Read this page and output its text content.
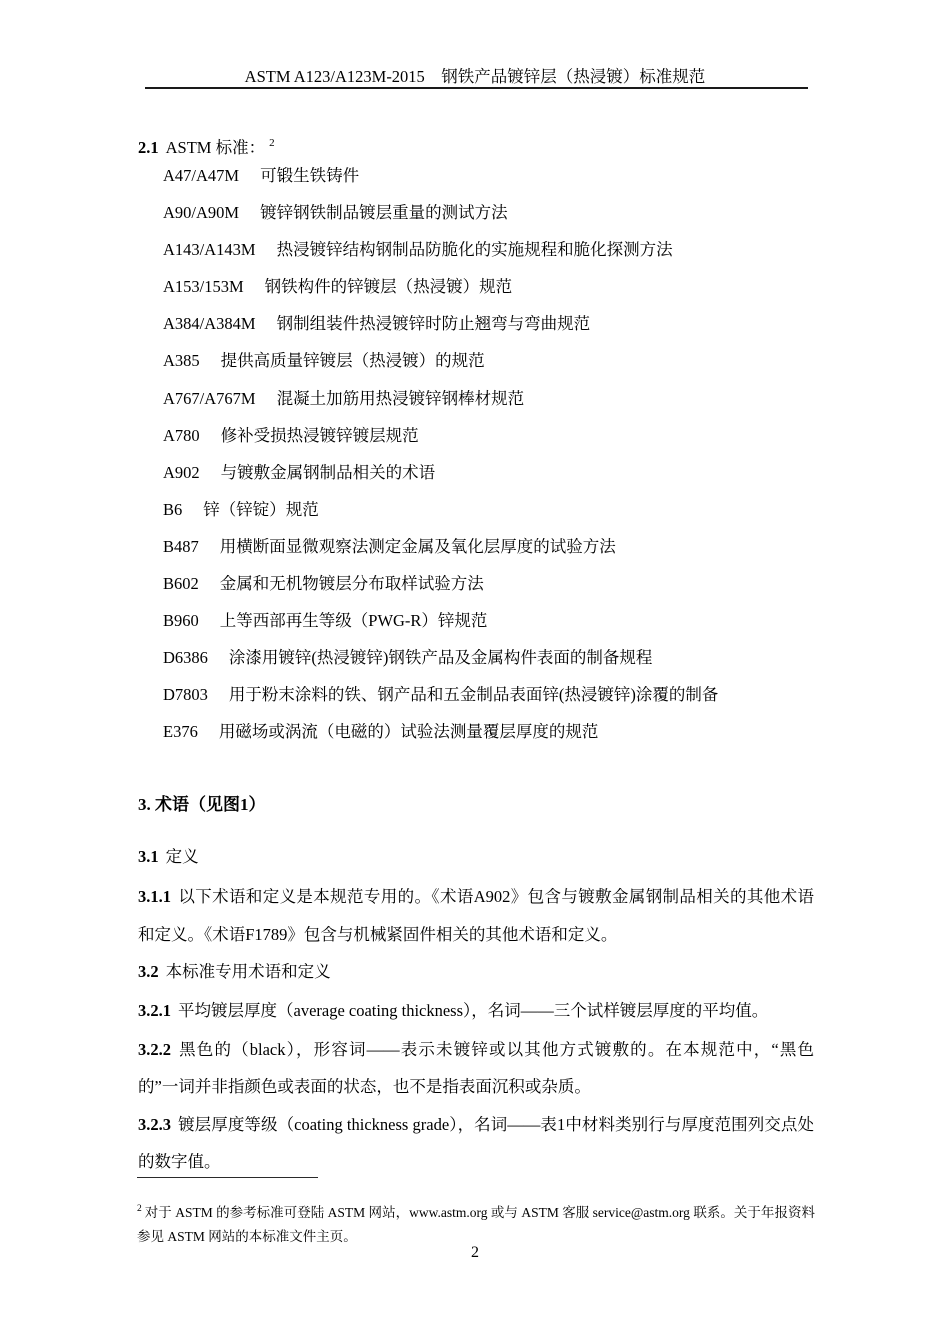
ASTM A123/A123M-2015　钢铁产品镀锌层（热浸镀）标准规范

2.1 ASTM 标准： $^2$

A47/A47M 可锻生铁铸件
A90/A90M 镀锌钢铁制品镀层重量的测试方法
A143/A143M 热浸镀锌结构钢制品防脆化的实施规程和脆化探测方法
A153/153M 钢铁构件的锌镀层（热浸镀）规范
A384/A384M 钢制组装件热浸镀锌时防止翘弯与弯曲规范
A385 提供高质量锌镀层（热浸镀）的规范
A767/A767M 混凝土加筋用热浸镀锌钢棒材规范
A780 修补受损热浸镀锌镀层规范
A902 与镀敷金属钢制品相关的术语
B6 锌（锌锭）规范
B487 用横断面显微观察法测定金属及氧化层厚度的试验方法
B602 金属和无机物镀层分布取样试验方法
B960 上等西部再生等级（PWG-R）锌规范
D6386 涂漆用镀锌(热浸镀锌)钢铁产品及金属构件表面的制备规程
D7803 用于粉末涂料的铁、钢产品和五金制品表面锌(热浸镀锌)涂覆的制备
E376 用磁场或涡流（电磁的）试验法测量覆层厚度的规范
3. 术语（见图1）

3.1 定义

3.1.1 以下术语和定义是本规范专用的。《术语A902》包含与镀敷金属钢制品相关的其他术语和定义。《术语F1789》包含与机械紧固件相关的其他术语和定义。

3.2 本标准专用术语和定义

3.2.1 平均镀层厚度（average coating thickness），名词——三个试样镀层厚度的平均值。

3.2.2 黑色的（black），形容词——表示未镀锌或以其他方式镀敷的。在本规范中，“黑色的”一词并非指颜色或表面的状态，也不是指表面沉积或杂质。

3.2.3 镀层厚度等级（coating thickness grade），名词——表1中材料类别行与厚度范围列交点处的数字值。

$^2$ 对于 ASTM 的参考标准可登陆 ASTM 网站，www.astm.org 或与 ASTM 客服 service@astm.org 联系。关于年报资料参见 ASTM 网站的本标准文件主页。

2
